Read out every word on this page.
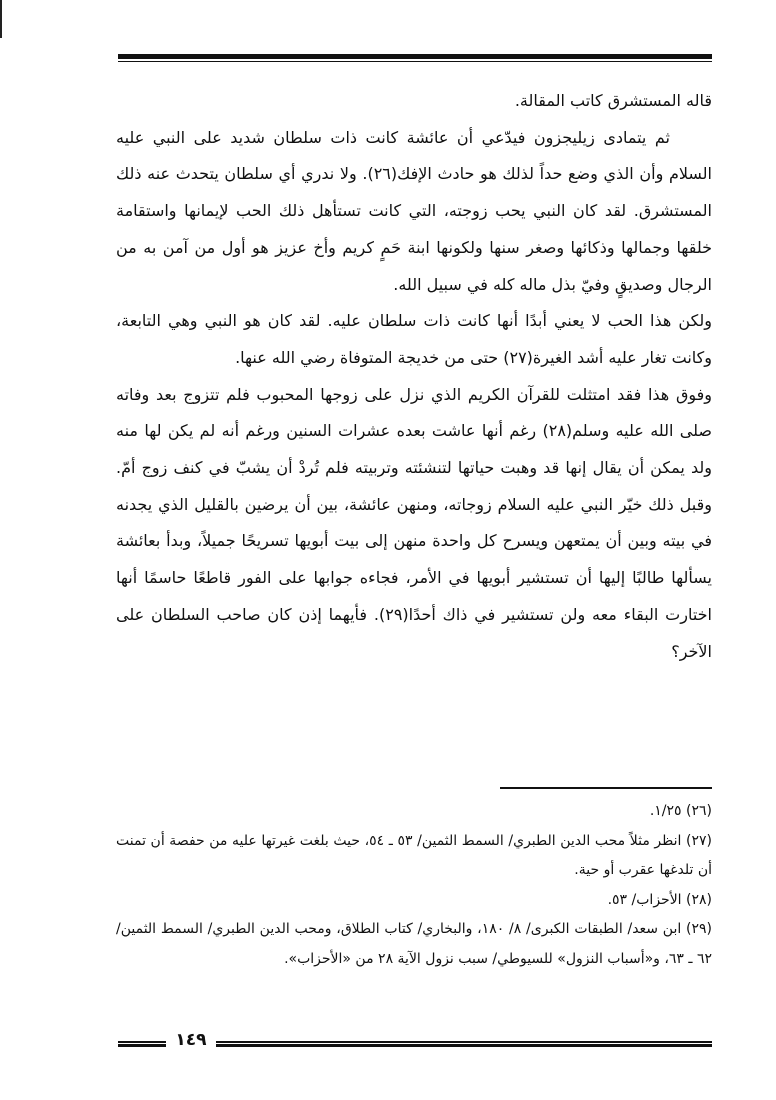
قاله المستشرق كاتب المقالة.

ثم يتمادى زيليجزون فيدّعي أن عائشة كانت ذات سلطان شديد على النبي عليه السلام وأن الذي وضع حداً لذلك هو حادث الإفك(٢٦). ولا ندري أي سلطان يتحدث عنه ذلك المستشرق. لقد كان النبي يحب زوجته، التي كانت تستأهل ذلك الحب لإيمانها واستقامة خلقها وجمالها وذكائها وصغر سنها ولكونها ابنة حَمٍ كريم وأخ عزيز هو أول من آمن به من الرجال وصديقٍ وفيّ بذل ماله كله في سبيل الله.

ولكن هذا الحب لا يعني أبدًا أنها كانت ذات سلطان عليه. لقد كان هو النبي وهي التابعة، وكانت تغار عليه أشد الغيرة(٢٧) حتى من خديجة المتوفاة رضي الله عنها.

وفوق هذا فقد امتثلت للقرآن الكريم الذي نزل على زوجها المحبوب فلم تتزوج بعد وفاته صلى الله عليه وسلم(٢٨) رغم أنها عاشت بعده عشرات السنين ورغم أنه لم يكن لها منه ولد يمكن أن يقال إنها قد وهبت حياتها لتنشئته وتربيته فلم تُردْ أن يشبّ في كنف زوج أمّ. وقبل ذلك خيّر النبي عليه السلام زوجاته، ومنهن عائشة، بين أن يرضين بالقليل الذي يجدنه في بيته وبين أن يمتعهن ويسرح كل واحدة منهن إلى بيت أبويها تسريحًا جميلاً، وبدأ بعائشة يسألها طالبًا إليها أن تستشير أبويها في الأمر، فجاءه جوابها على الفور قاطعًا حاسمًا أنها اختارت البقاء معه ولن تستشير في ذاك أحدًا(٢٩). فأيهما إذن كان صاحب السلطان على الآخر؟

(٢٦) ١/٢٥.

(٢٧) انظر مثلاً محب الدين الطبري/ السمط الثمين/ ٥٣ ـ ٥٤، حيث بلغت غيرتها عليه من حفصة أن تمنت أن تلدغها عقرب أو حية.

(٢٨) الأحزاب/ ٥٣.

(٢٩) ابن سعد/ الطبقات الكبرى/ ٨/ ١٨٠، والبخاري/ كتاب الطلاق، ومحب الدين الطبري/ السمط الثمين/ ٦٢ ـ ٦٣، و«أسباب النزول» للسيوطي/ سبب نزول الآية ٢٨ من «الأحزاب».

١٤٩
